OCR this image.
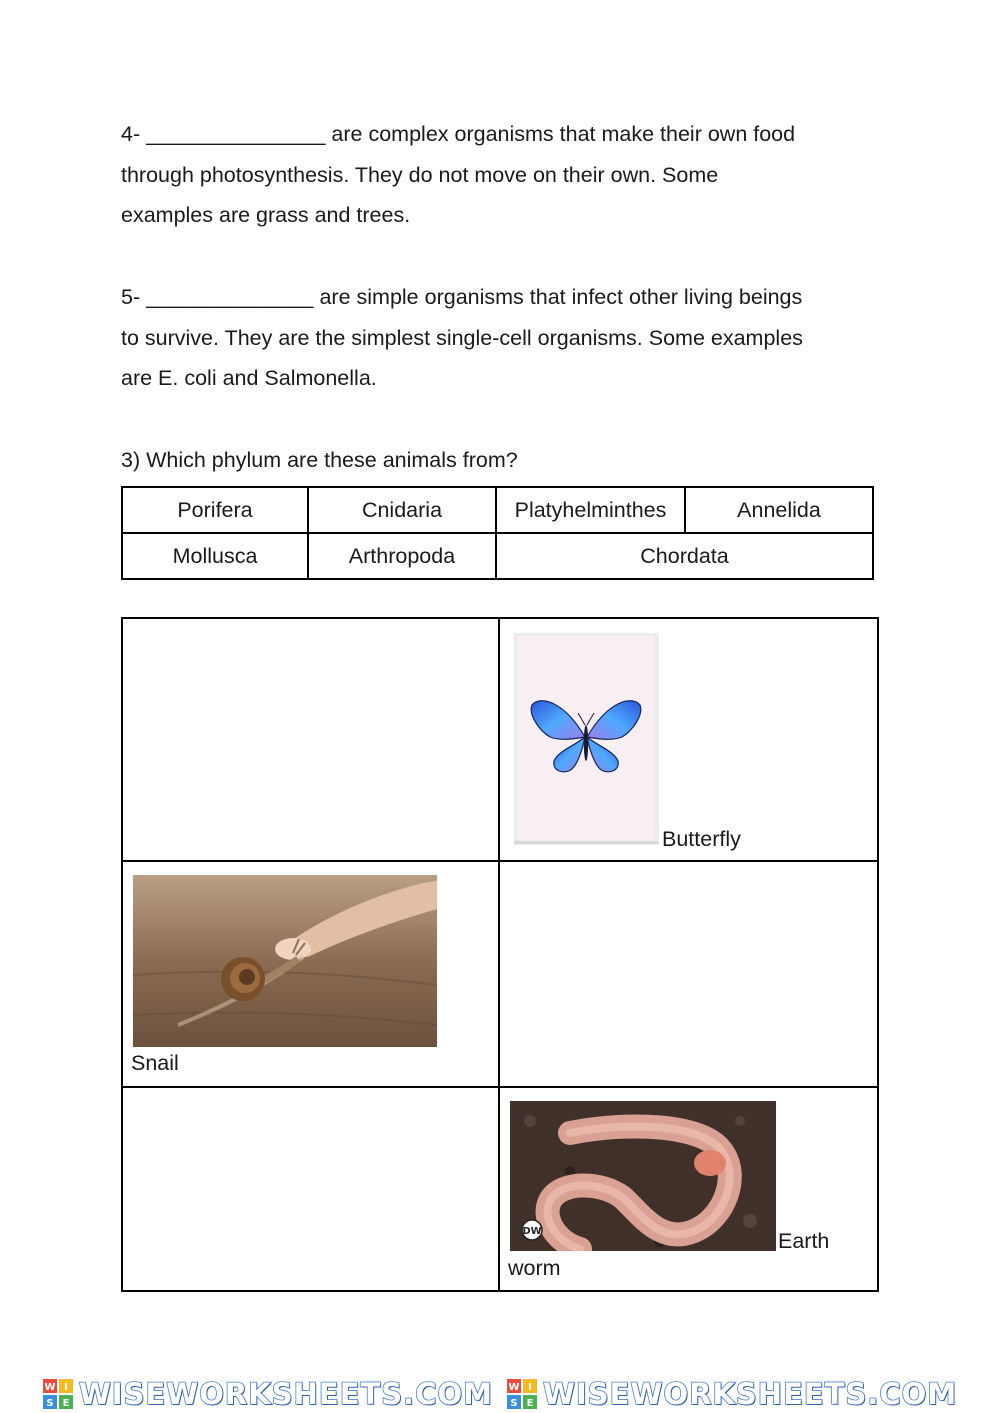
4- _______________ are complex organisms that make their own food
through photosynthesis. They do not move on their own. Some
examples are grass and trees.

5- ______________ are simple organisms that infect other living beings
to survive. They are the simplest single-cell organisms. Some examples
are E. coli and Salmonella.

3) Which phylum are these animals from?

Porifera	Cnidaria	Platyhelminthes	Annelida
Mollusca	Arthropoda	Chordata	

	Butterfly

Snail	

DW Earth
worm
W I
S E WISEWORKSHEETS.COM W I
S E WISEWORKSHEETS.COM
